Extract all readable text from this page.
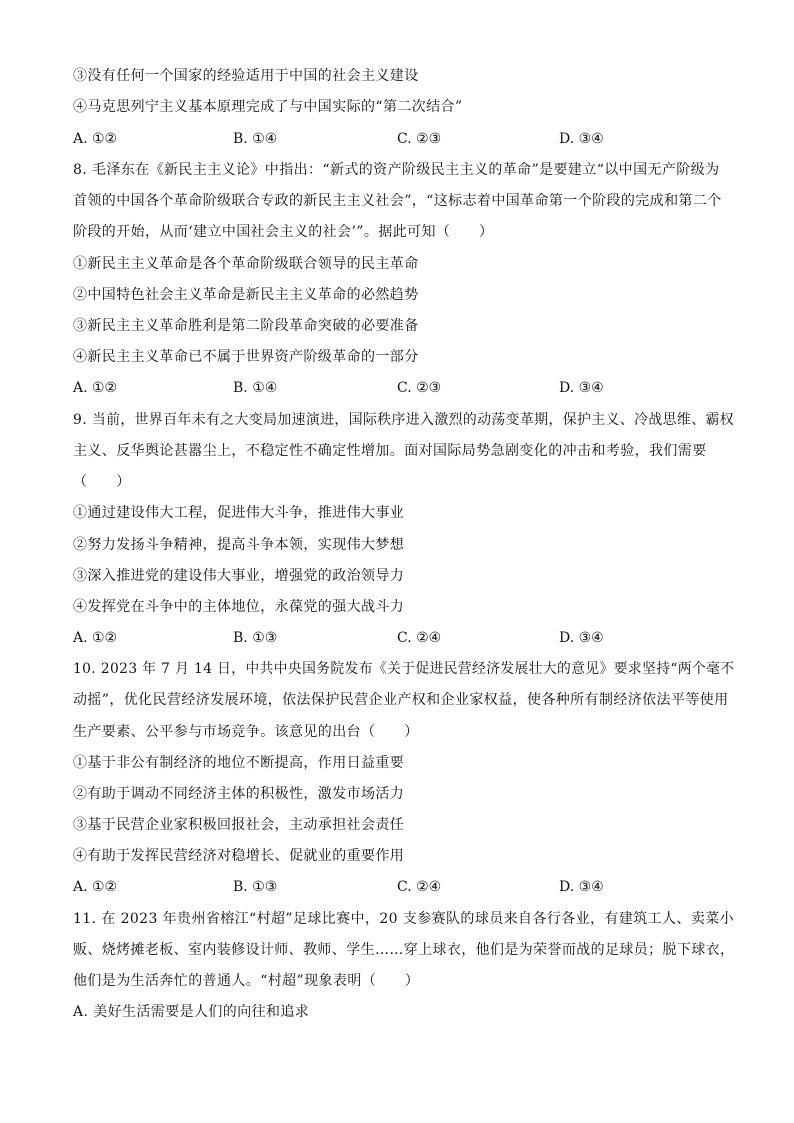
③没有任何一个国家的经验适用于中国的社会主义建设
④马克思列宁主义基本原理完成了与中国实际的“第二次结合”
A. ①②	B. ①④	C. ②③	D. ③④
8. 毛泽东在《新民主主义论》中指出：“新式的资产阶级民主主义的革命”是要建立“以中国无产阶级为
首领的中国各个革命阶级联合专政的新民主主义社会”，“这标志着中国革命第一个阶段的完成和第二个
阶段的开始，从而‘建立中国社会主义的社会’”。据此可知（　　）
①新民主主义革命是各个革命阶级联合领导的民主革命
②中国特色社会主义革命是新民主主义革命的必然趋势
③新民主主义革命胜利是第二阶段革命突破的必要准备
④新民主主义革命已不属于世界资产阶级革命的一部分
A. ①②	B. ①④	C. ②③	D. ③④
9. 当前，世界百年未有之大变局加速演进，国际秩序进入激烈的动荡变革期，保护主义、冷战思维、霸权
主义、反华舆论甚嚣尘上，不稳定性不确定性增加。面对国际局势急剧变化的冲击和考验，我们需要
（　　）
①通过建设伟大工程，促进伟大斗争，推进伟大事业
②努力发扬斗争精神，提高斗争本领，实现伟大梦想
③深入推进党的建设伟大事业，增强党的政治领导力
④发挥党在斗争中的主体地位，永葆党的强大战斗力
A. ①②	B. ①③	C. ②④	D. ③④
10. 2023 年 7 月 14 日，中共中央国务院发布《关于促进民营经济发展壮大的意见》要求坚持“两个毫不
动摇”，优化民营经济发展环境，依法保护民营企业产权和企业家权益，使各种所有制经济依法平等使用
生产要素、公平参与市场竞争。该意见的出台（　　）
①基于非公有制经济的地位不断提高，作用日益重要
②有助于调动不同经济主体的积极性，激发市场活力
③基于民营企业家积极回报社会，主动承担社会责任
④有助于发挥民营经济对稳增长、促就业的重要作用
A. ①②	B. ①③	C. ②④	D. ③④
11. 在 2023 年贵州省榕江“村超”足球比赛中，20 支参赛队的球员来自各行各业，有建筑工人、卖菜小
贩、烧烤摊老板、室内装修设计师、教师、学生……穿上球衣，他们是为荣誉而战的足球员；脱下球衣，
他们是为生活奔忙的普通人。“村超”现象表明（　　）
A. 美好生活需要是人们的向往和追求
